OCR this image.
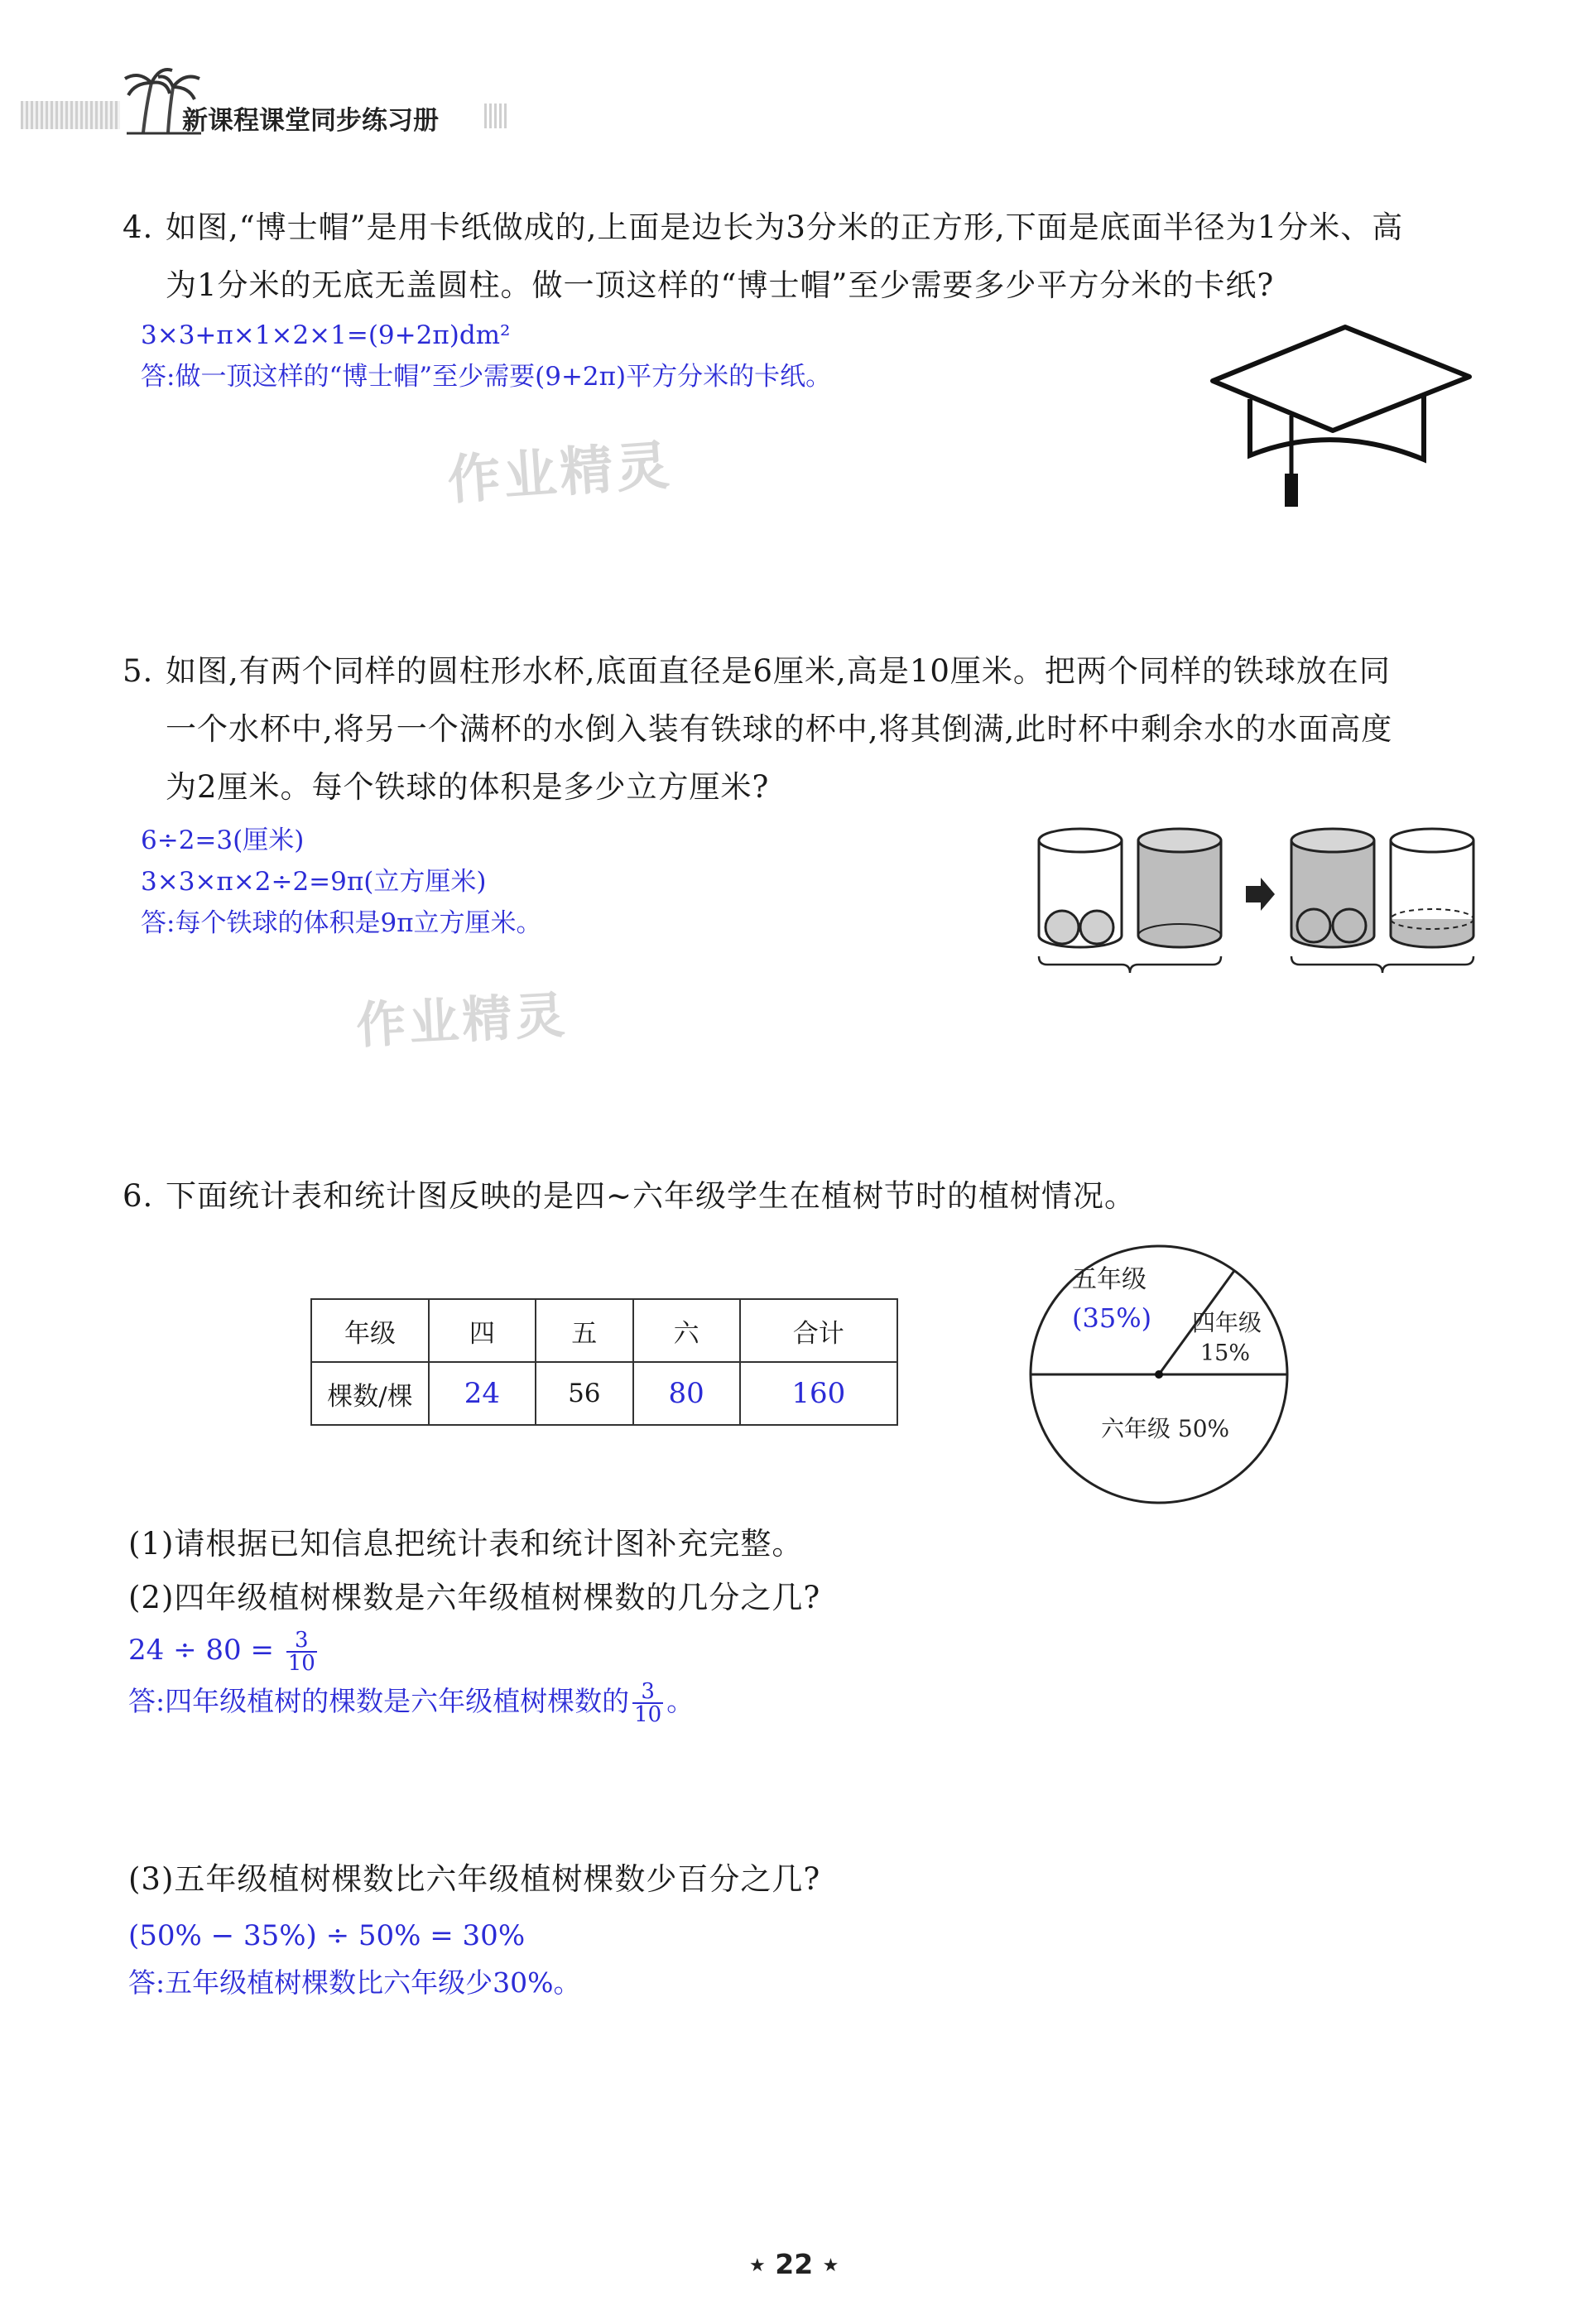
新课程课堂同步练习册
4. 如图,“博士帽”是用卡纸做成的,上面是边长为3分米的正方形,下面是底面半径为1分米、高
为1分米的无底无盖圆柱。做一顶这样的“博士帽”至少需要多少平方分米的卡纸?
3×3+π×1×2×1=(9+2π)dm²
答:做一顶这样的“博士帽”至少需要(9+2π)平方分米的卡纸。
作业精灵
5. 如图,有两个同样的圆柱形水杯,底面直径是6厘米,高是10厘米。把两个同样的铁球放在同
一个水杯中,将另一个满杯的水倒入装有铁球的杯中,将其倒满,此时杯中剩余水的水面高度
为2厘米。每个铁球的体积是多少立方厘米?
6÷2=3(厘米)
3×3×π×2÷2=9π(立方厘米)
答:每个铁球的体积是9π立方厘米。
作业精灵
6. 下面统计表和统计图反映的是四~六年级学生在植树节时的植树情况。
年级	四	五	六	合计
棵数/棵	24	56	80	160
五年级
(35%) 四年级
15%
六年级 50%
(1)请根据已知信息把统计表和统计图补充完整。
(2)四年级植树棵数是六年级植树棵数的几分之几?
$24 \div 80 = \frac{3}{10}$
答:四年级植树的棵数是六年级植树棵数的 $\frac{3}{10}$ 。
(3)五年级植树棵数比六年级植树棵数少百分之几?
(50% − 35%) ÷ 50% = 30%
答:五年级植树棵数比六年级少30%。
★ 22 ★
